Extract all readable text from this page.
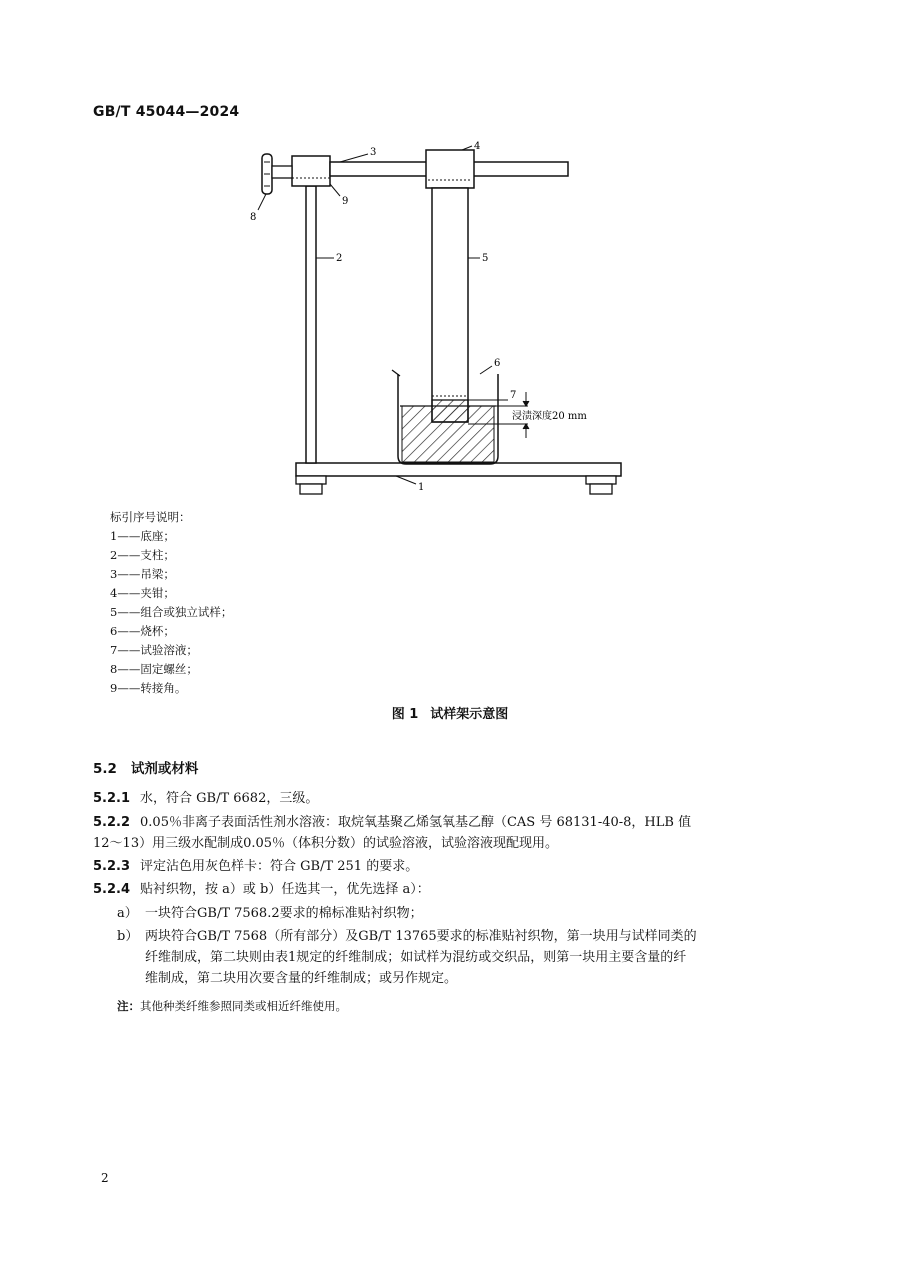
GB/T 45044—2024
1
2
3
4
5
6
7
8
9
浸渍深度20 mm
标引序号说明：
1——底座；
2——支柱；
3——吊梁；
4——夹钳；
5——组合或独立试样；
6——烧杯；
7——试验溶液；
8——固定螺丝；
9——转接角。
图 1 试样架示意图
5.2 试剂或材料
5.2.1 水，符合 GB/T 6682，三级。
5.2.2 0.05％非离子表面活性剂水溶液：取烷氧基聚乙烯氢氧基乙醇（CAS 号 68131-40-8，HLB 值
12～13）用三级水配制成0.05％（体积分数）的试验溶液，试验溶液现配现用。
5.2.3 评定沾色用灰色样卡：符合 GB/T 251 的要求。
5.2.4 贴衬织物，按 a）或 b）任选其一，优先选择 a）：
a） 一块符合GB/T 7568.2要求的棉标准贴衬织物；
b） 两块符合GB/T 7568（所有部分）及GB/T 13765要求的标准贴衬织物，第一块用与试样同类的
纤维制成，第二块则由表1规定的纤维制成；如试样为混纺或交织品，则第一块用主要含量的纤
维制成，第二块用次要含量的纤维制成；或另作规定。
注：其他种类纤维参照同类或相近纤维使用。
2
